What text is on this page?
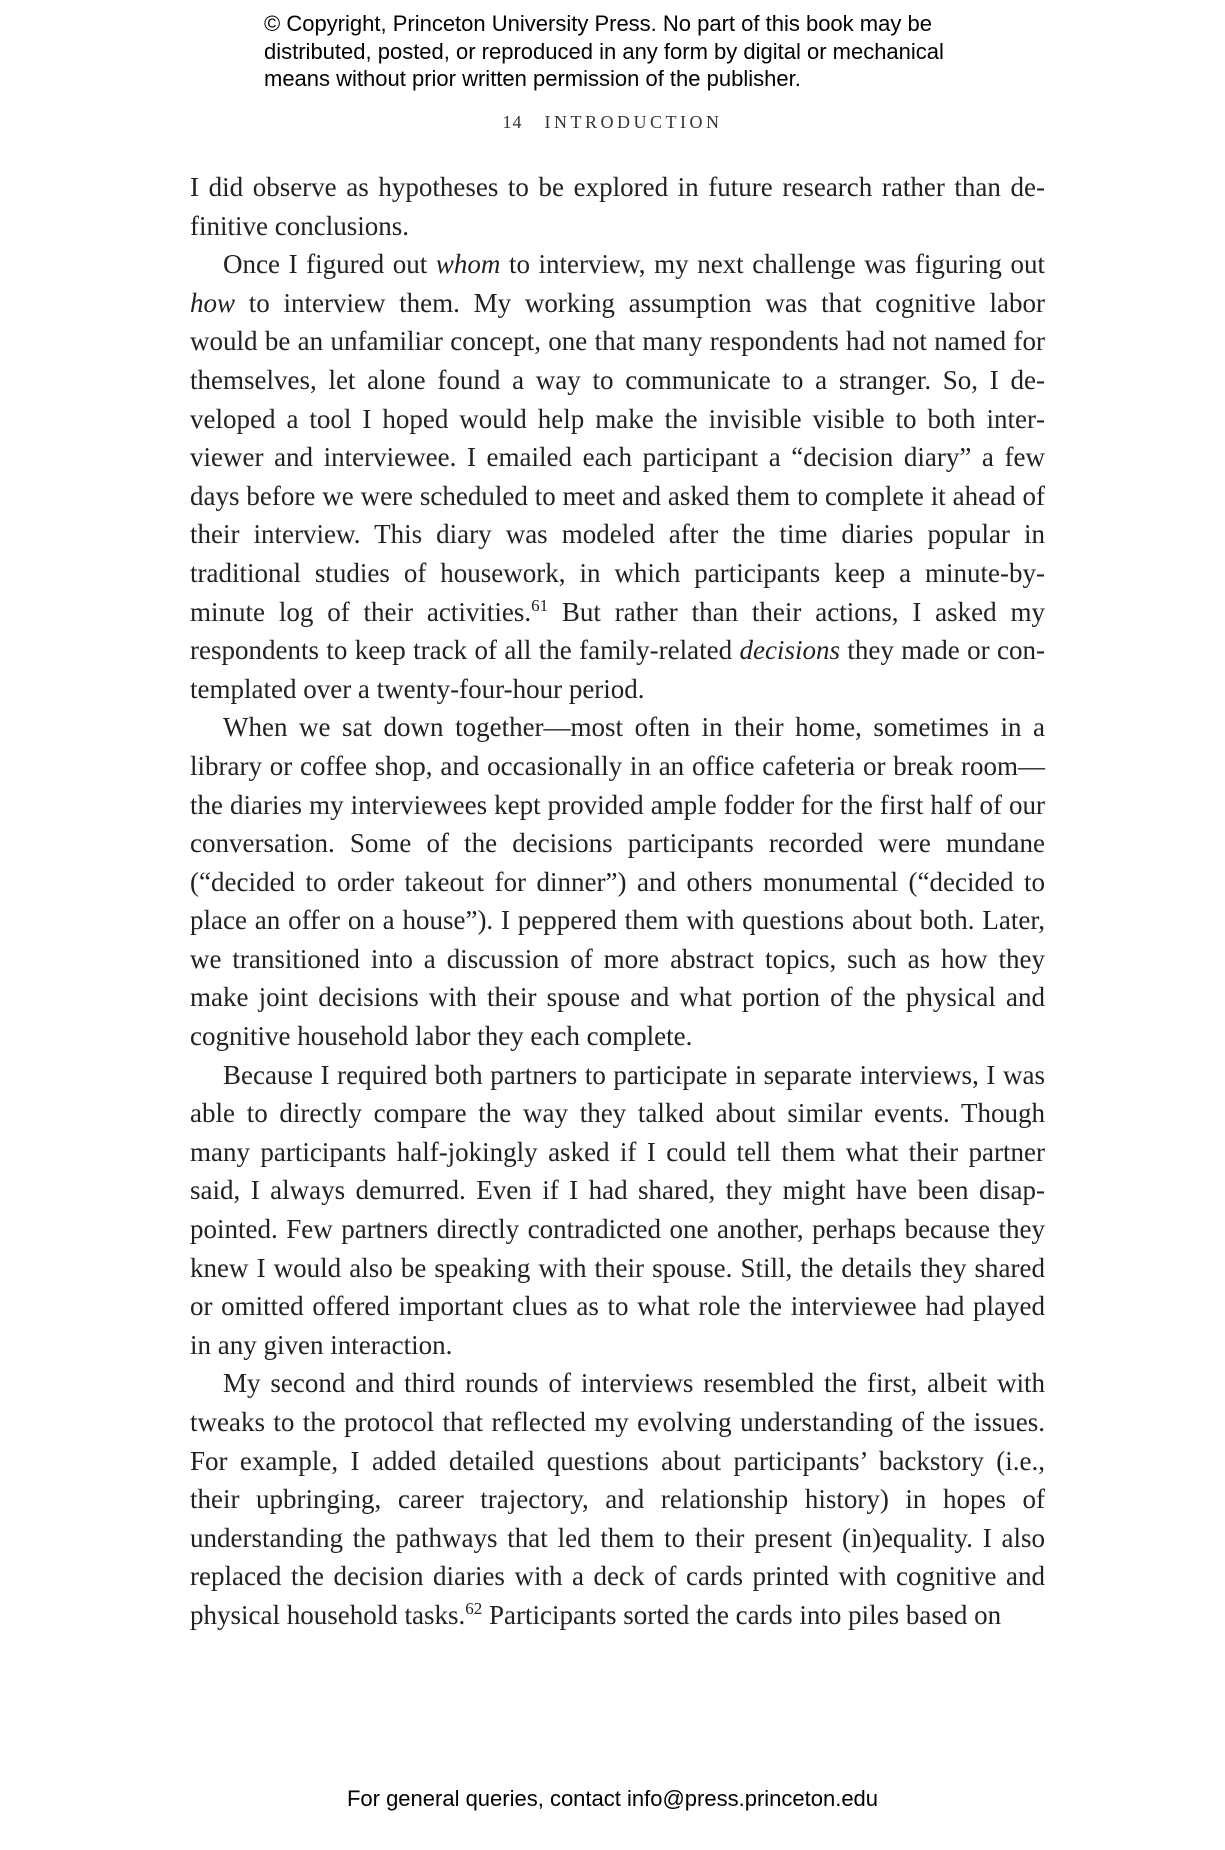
© Copyright, Princeton University Press. No part of this book may be
distributed, posted, or reproduced in any form by digital or mechanical
means without prior written permission of the publisher.
14 INTRODUCTION

I did observe as hypotheses to be explored in future research rather than definitive conclusions.

Once I figured out whom to interview, my next challenge was figuring out how to interview them. My working assumption was that cognitive labor would be an unfamiliar concept, one that many respondents had not named for themselves, let alone found a way to communicate to a stranger. So, I developed a tool I hoped would help make the invisible visible to both interviewer and interviewee. I emailed each participant a “decision diary” a few days before we were scheduled to meet and asked them to complete it ahead of their interview. This diary was modeled after the time diaries popular in traditional studies of housework, in which participants keep a minute-by-minute log of their activities.$^{61}$ But rather than their actions, I asked my respondents to keep track of all the family-related decisions they made or contemplated over a twenty-four-hour period.

When we sat down together—most often in their home, sometimes in a library or coffee shop, and occasionally in an office cafeteria or break room—the diaries my interviewees kept provided ample fodder for the first half of our conversation. Some of the decisions participants recorded were mundane (“decided to order takeout for dinner”) and others monumental (“decided to place an offer on a house”). I peppered them with questions about both. Later, we transitioned into a discussion of more abstract topics, such as how they make joint decisions with their spouse and what portion of the physical and cognitive household labor they each complete.

Because I required both partners to participate in separate interviews, I was able to directly compare the way they talked about similar events. Though many participants half-jokingly asked if I could tell them what their partner said, I always demurred. Even if I had shared, they might have been disappointed. Few partners directly contradicted one another, perhaps because they knew I would also be speaking with their spouse. Still, the details they shared or omitted offered important clues as to what role the interviewee had played in any given interaction.

My second and third rounds of interviews resembled the first, albeit with tweaks to the protocol that reflected my evolving understanding of the issues. For example, I added detailed questions about participants’ backstory (i.e., their upbringing, career trajectory, and relationship history) in hopes of understanding the pathways that led them to their present (in)equality. I also replaced the decision diaries with a deck of cards printed with cognitive and physical household tasks.$^{62}$ Participants sorted the cards into piles based on

For general queries, contact info@press.princeton.edu
